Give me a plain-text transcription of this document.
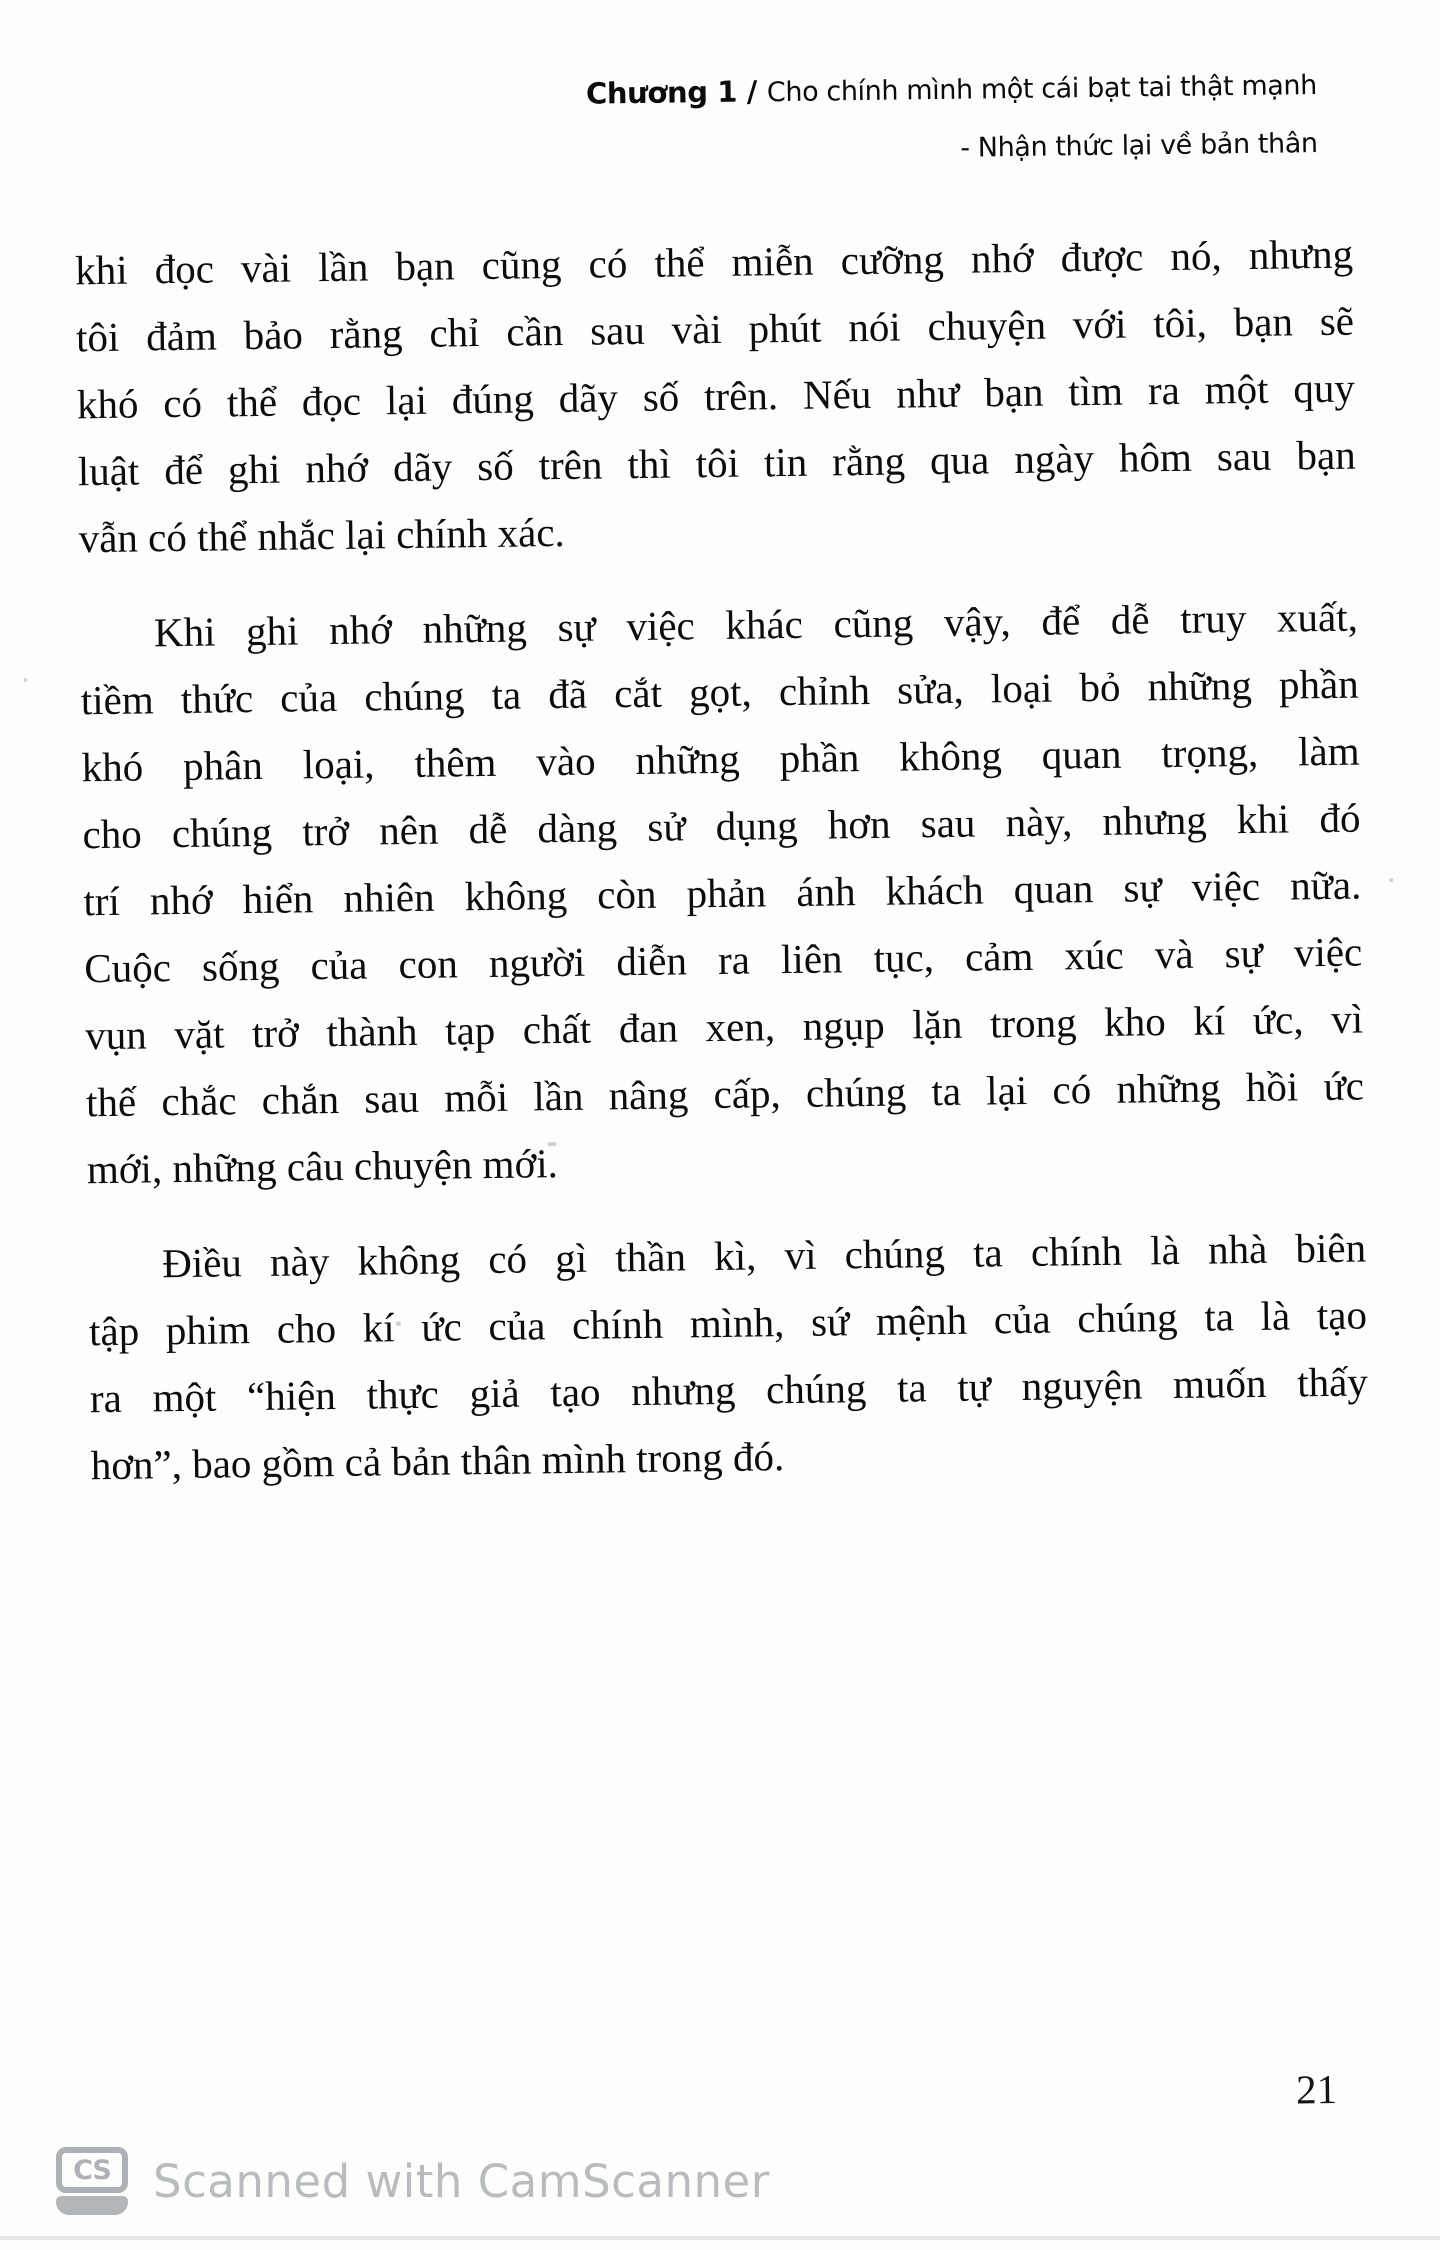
Chương 1 / Cho chính mình một cái bạt tai thật mạnh
- Nhận thức lại về bản thân
khi đọc vài lần bạn cũng có thể miễn cưỡng nhớ được nó, nhưng
tôi đảm bảo rằng chỉ cần sau vài phút nói chuyện với tôi, bạn sẽ
khó có thể đọc lại đúng dãy số trên. Nếu như bạn tìm ra một quy
luật để ghi nhớ dãy số trên thì tôi tin rằng qua ngày hôm sau bạn
vẫn có thể nhắc lại chính xác.
Khi ghi nhớ những sự việc khác cũng vậy, để dễ truy xuất,
tiềm thức của chúng ta đã cắt gọt, chỉnh sửa, loại bỏ những phần
khó phân loại, thêm vào những phần không quan trọng, làm
cho chúng trở nên dễ dàng sử dụng hơn sau này, nhưng khi đó
trí nhớ hiển nhiên không còn phản ánh khách quan sự việc nữa.
Cuộc sống của con người diễn ra liên tục, cảm xúc và sự việc
vụn vặt trở thành tạp chất đan xen, ngụp lặn trong kho kí ức, vì
thế chắc chắn sau mỗi lần nâng cấp, chúng ta lại có những hồi ức
mới, những câu chuyện mới.
Điều này không có gì thần kì, vì chúng ta chính là nhà biên
tập phim cho kí ức của chính mình, sứ mệnh của chúng ta là tạo
ra một “hiện thực giả tạo nhưng chúng ta tự nguyện muốn thấy
hơn”, bao gồm cả bản thân mình trong đó.
21
CS Scanned with CamScanner
